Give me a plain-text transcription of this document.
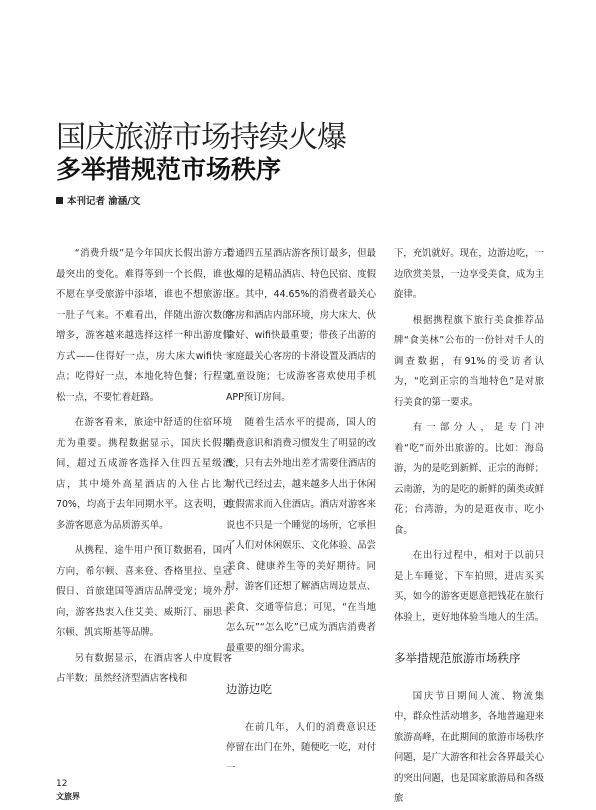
国庆旅游市场持续火爆
多举措规范市场秩序
本刊记者 渝涵/文

“消费升级”是今年国庆长假出游方式最突出的变化。难得等到一个长假，谁也不愿在享受旅游中添堵，谁也不想旅游出一肚子气来。不难看出，伴随出游次数的增多，游客越来越选择这样一种出游度假方式——住得好一点，房大床大wifi快一点；吃得好一点，本地化特色餐；行程宽松一点，不要忙着赶路。

在游客看来，旅途中舒适的住宿环境尤为重要。携程数据显示，国庆长假期间，超过五成游客选择入住四五星级酒店，其中境外高星酒店的入住占比为70%，均高于去年同期水平。这表明，更多游客愿意为品质游买单。

从携程、途牛用户预订数据看，国内方向，希尔顿、喜来登、香格里拉、皇冠假日、首旅建国等酒店品牌受宠；境外方向，游客热衷入住艾美、威斯汀、丽思卡尔顿、凯宾斯基等品牌。

另有数据显示，在酒店客人中度假客占半数；虽然经济型酒店客栈和

普通四五星酒店游客预订最多，但最火爆的是精品酒店、特色民宿、度假区。其中，44.65%的消费者最关心客房和酒店内部环境，房大床大、伙食好、wifi快最重要；带孩子出游的家庭最关心客房的卡滑设置及酒店的儿童设施；七成游客喜欢使用手机APP预订房间。

随着生活水平的提高，国人的消费意识和消费习惯发生了明显的改变，只有去外地出差才需要住酒店的时代已经过去，越来越多人出于休闲度假需求而入住酒店。酒店对游客来说也不只是一个睡觉的场所，它承担了人们对休闲娱乐、文化体验、品尝美食、健康养生等的美好期待。同时，游客们还想了解酒店周边景点、美食、交通等信息；可见，“在当地怎么玩”“怎么吃”已成为酒店消费者最重要的细分需求。

边游边吃

在前几年，人们的消费意识还停留在出门在外，随便吃一吃，对付一

下，充饥就好。现在，边游边吃，一边欣赏美景，一边享受美食，成为主旋律。

根据携程旗下旅行美食推荐品牌“食美林”公布的一份针对千人的调查数据，有91%的受访者认为，“吃到正宗的当地特色”是对旅行美食的第一要求。

有一部分人，是专门冲着“吃”而外出旅游的。比如：海岛游，为的是吃到新鲜、正宗的海鲜；云南游，为的是吃的新鲜的菌类或鲜花；台湾游，为的是逛夜市、吃小食。

在出行过程中，相对于以前只是上车睡觉、下车拍照，进店买买买，如今的游客更愿意把钱花在旅行体验上，更好地体验当地人的生活。

多举措规范旅游市场秩序

国庆节日期间人流、物流集中，群众性活动增多，各地普遍迎来旅游高峰，在此期间的旅游市场秩序问题，是广大游客和社会各界最关心的突出问题，也是国家旅游局和各级旅

12
文旅界
